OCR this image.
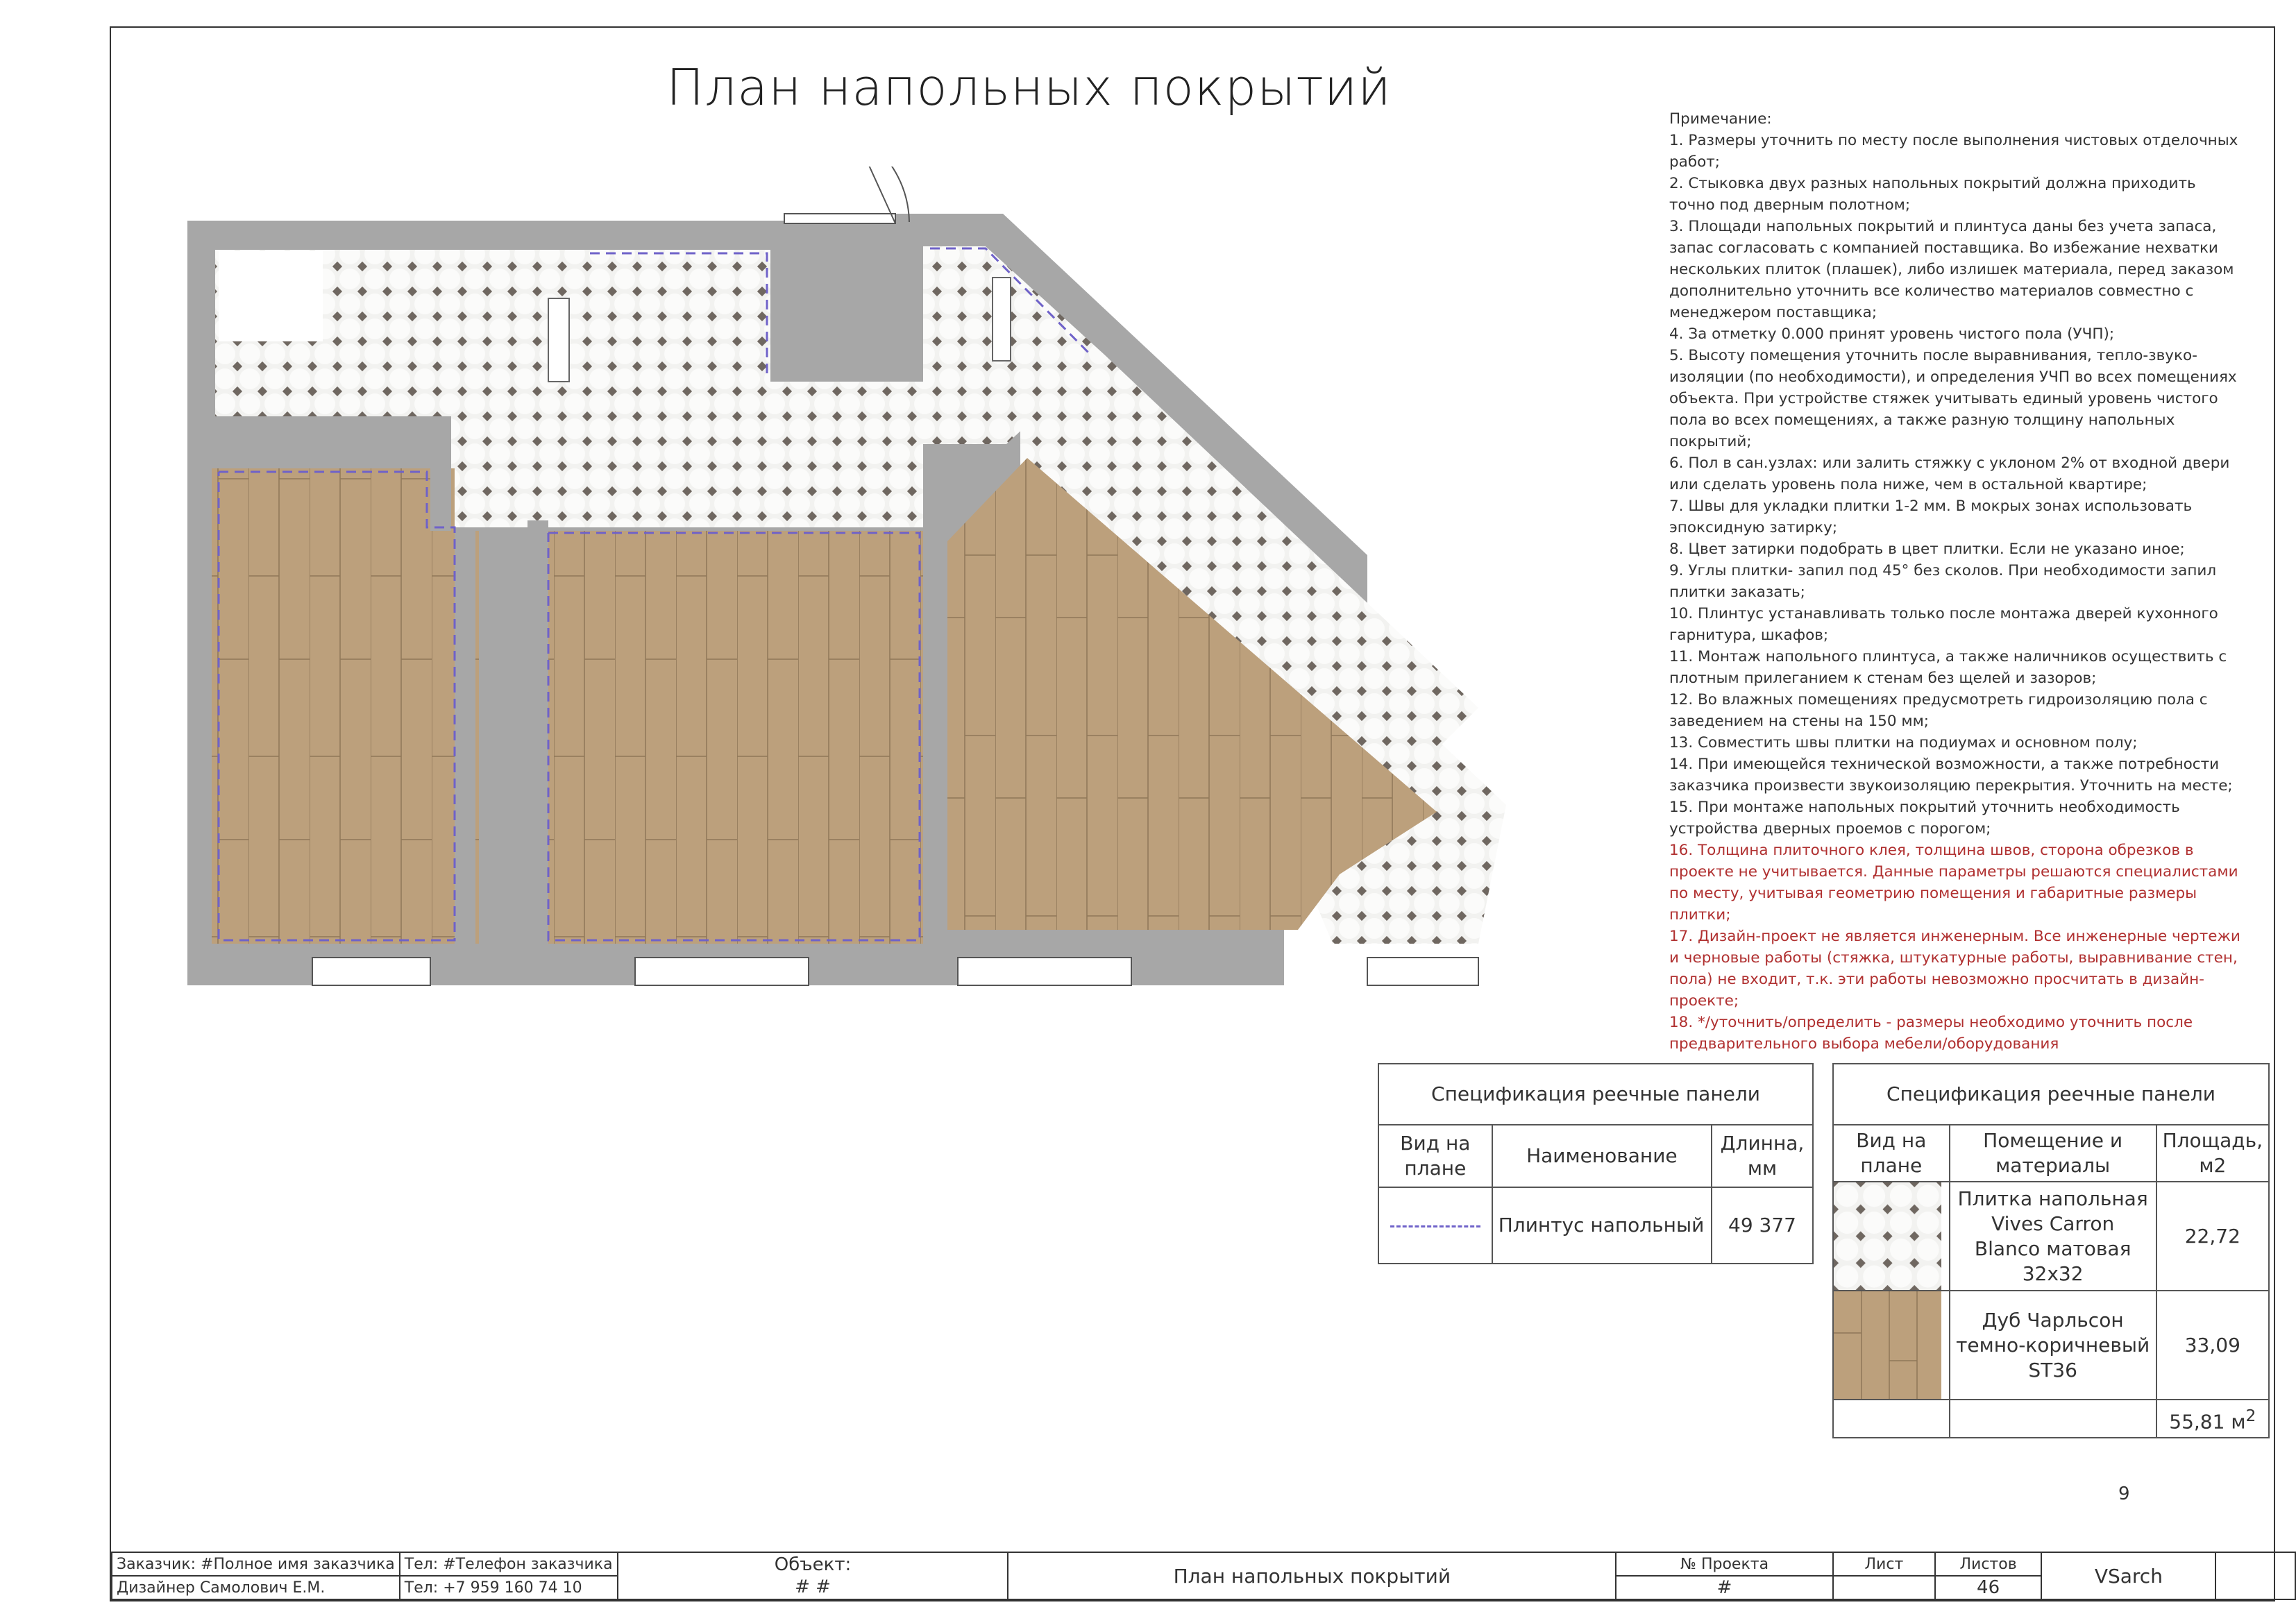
План напольных покрытий

Примечание:

1. Размеры уточнить по месту после выполнения чистовых отделочных работ;

2. Стыковка двух разных напольных покрытий должна приходить точно под дверным полотном;

3. Площади напольных покрытий и плинтуса даны без учета запаса, запас согласовать с компанией поставщика. Во избежание нехватки нескольких плиток (плашек), либо излишек материала, перед заказом дополнительно уточнить все количество материалов совместно с менеджером поставщика;

4. За отметку 0.000 принят уровень чистого пола (УЧП);

5. Высоту помещения уточнить после выравнивания, тепло-звуко- изоляции (по необходимости), и определения УЧП во всех помещениях объекта. При устройстве стяжек учитывать единый уровень чистого пола во всех помещениях, а также разную толщину напольных покрытий;

6. Пол в сан.узлах: или залить стяжку с уклоном 2% от входной двери или сделать уровень пола ниже, чем в остальной квартире;

7. Швы для укладки плитки 1-2 мм. В мокрых зонах использовать эпоксидную затирку;

8. Цвет затирки подобрать в цвет плитки. Если не указано иное;

9. Углы плитки- запил под 45° без сколов. При необходимости запил плитки заказать;

10. Плинтус устанавливать только после монтажа дверей кухонного гарнитура, шкафов;

11. Монтаж напольного плинтуса, а также наличников осуществить с плотным прилеганием к стенам без щелей и зазоров;

12. Во влажных помещениях предусмотреть гидроизоляцию пола с заведением на стены на 150 мм;

13. Совместить швы плитки на подиумах и основном полу;

14. При имеющейся технической возможности, а также потребности заказчика произвести звукоизоляцию перекрытия. Уточнить на месте;

15. При монтаже напольных покрытий уточнить необходимость устройства дверных проемов с порогом;

16. Толщина плиточного клея, толщина швов, сторона обрезков в проекте не учитывается. Данные параметры решаются специалистами по месту, учитывая геометрию помещения и габаритные размеры плитки;

17. Дизайн-проект не является инженерным. Все инженерные чертежи и черновые работы (стяжка, штукатурные работы, выравнивание стен, пола) не входит, т.к. эти работы невозможно просчитать в дизайн-проекте;

18. */уточнить/определить - размеры необходимо уточнить после предварительного выбора мебели/оборудования

Спецификация реечные панели		
Вид на плане	Наименование	Длинна, мм
	Плинтус напольный	49 377
Спецификация реечные панели		
Вид на плане	Помещение и материалы	Площадь, м2

	Плитка напольная Vives Carron Blanco матовая 32х32	22,72

	Дуб Чарльсон темно-коричневый ST36	33,09
		55,81 $м^2$
9
Заказчик: #Полное имя заказчика	Тел: #Телефон заказчика	Объект:
# #	План напольных покрытий	№ Проекта	Лист	Листов	VSarch	
Дизайнер Самолович Е.М.	Тел: +7 959 160 74 10			#		46		
